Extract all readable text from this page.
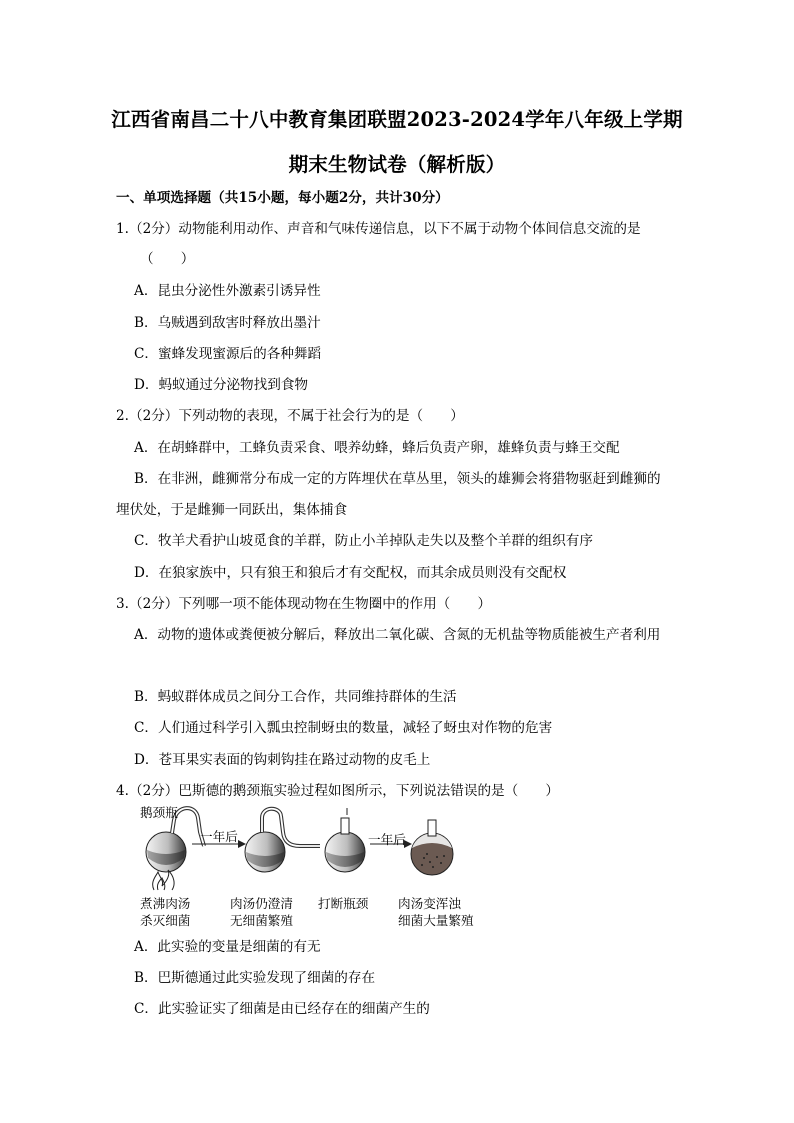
江西省南昌二十八中教育集团联盟2023-2024学年八年级上学期
期末生物试卷（解析版）
一、单项选择题（共15小题，每小题2分，共计30分）
1.（2分）动物能利用动作、声音和气味传递信息，以下不属于动物个体间信息交流的是
（　　）
A．昆虫分泌性外激素引诱异性
B．乌贼遇到敌害时释放出墨汁
C．蜜蜂发现蜜源后的各种舞蹈
D．蚂蚁通过分泌物找到食物
2.（2分）下列动物的表现，不属于社会行为的是（　　）
A．在胡蜂群中，工蜂负责采食、喂养幼蜂，蜂后负责产卵，雄蜂负责与蜂王交配
B．在非洲，雌狮常分布成一定的方阵埋伏在草丛里，领头的雄狮会将猎物驱赶到雌狮的
埋伏处，于是雌狮一同跃出，集体捕食
C．牧羊犬看护山坡觅食的羊群，防止小羊掉队走失以及整个羊群的组织有序
D．在狼家族中，只有狼王和狼后才有交配权，而其余成员则没有交配权
3.（2分）下列哪一项不能体现动物在生物圈中的作用（　　）
A．动物的遗体或粪便被分解后，释放出二氧化碳、含氮的无机盐等物质能被生产者利用
B．蚂蚁群体成员之间分工合作，共同维持群体的生活
C．人们通过科学引入瓢虫控制蚜虫的数量，减轻了蚜虫对作物的危害
D．苍耳果实表面的钩刺钩挂在路过动物的皮毛上
4.（2分）巴斯德的鹅颈瓶实验过程如图所示，下列说法错误的是（　　）
鹅颈瓶
一年后	一年后
煮沸肉汤
杀灭细菌
肉汤仍澄清
无细菌繁殖
打断瓶颈 肉汤变浑浊
细菌大量繁殖
A．此实验的变量是细菌的有无
B．巴斯德通过此实验发现了细菌的存在
C．此实验证实了细菌是由已经存在的细菌产生的
